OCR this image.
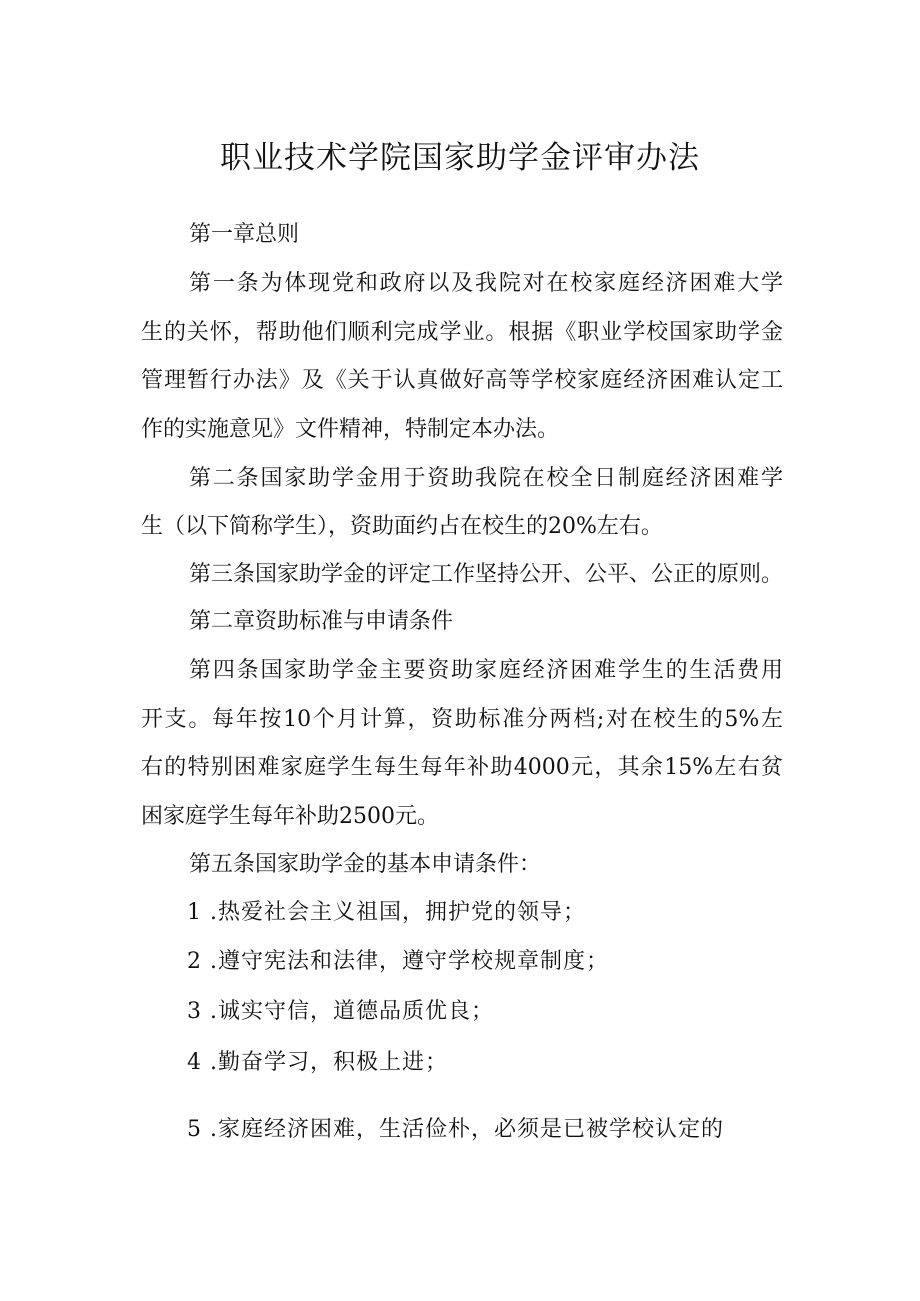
职业技术学院国家助学金评审办法
第一章总则
第一条为体现党和政府以及我院对在校家庭经济困难大学
生的关怀，帮助他们顺利完成学业。根据《职业学校国家助学金
管理暂行办法》及《关于认真做好高等学校家庭经济困难认定工
作的实施意见》文件精神，特制定本办法。
第二条国家助学金用于资助我院在校全日制庭经济困难学
生（以下简称学生），资助面约占在校生的20%左右。
第三条国家助学金的评定工作坚持公开、公平、公正的原则。
第二章资助标准与申请条件
第四条国家助学金主要资助家庭经济困难学生的生活费用
开支。每年按10个月计算，资助标准分两档;对在校生的5%左
右的特别困难家庭学生每生每年补助4000元，其余15%左右贫
困家庭学生每年补助2500元。
第五条国家助学金的基本申请条件：
1 .热爱社会主义祖国，拥护党的领导；
2 .遵守宪法和法律，遵守学校规章制度；
3 .诚实守信，道德品质优良；
4 .勤奋学习，积极上进；
5 .家庭经济困难，生活俭朴，必须是已被学校认定的
